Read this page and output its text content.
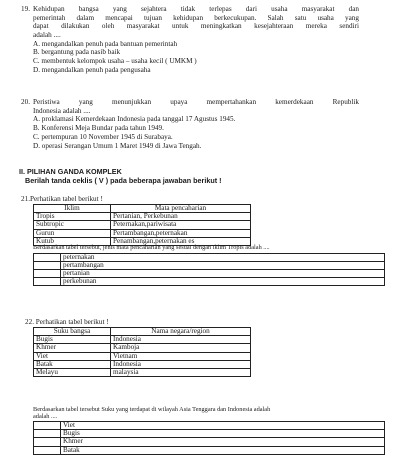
19. Kehidupan bangsa yang sejahtera tidak terlepas dari usaha masyarakat dan
pemerintah dalam mencapai tujuan kehidupan berkecukupan. Salah satu usaha yang
dapat dilakukan oleh masyarakat untuk meningkatkan kesejahteraan mereka sendiri
adalah ....
A. mengandalkan penuh pada bantuan pemerintah
B. bergantung pada nasib baik
C. membentuk kelompok usaha – usaha kecil ( UMKM )
D. mengandalkan penuh pada pengusaha
20. Peristiwa yang menunjukkan upaya mempertahankan kemerdekaan Republik
Indonesia adalah ....
A. proklamasi Kemerdekaan Indonesia pada tanggal 17 Agustus 1945.
B. Konferensi Meja Bundar pada tahun 1949.
C. pertempuran 10 November 1945 di Surabaya.
D. operasi Serangan Umum 1 Maret 1949 di Jawa Tengah.
II. PILIHAN GANDA KOMPLEK
Berilah tanda ceklis ( V ) pada beberapa jawaban berikut !
21.Perhatikan tabel berikut !
Iklim	Mata pencaharian
Tropis	Pertanian, Perkebunan
Subtropic	Peternakan,pariwisata
Gurun	Pertambangan,peternakan
Kutub	Penambangan,peternakan es
Berdasarkan tabel tersebut, jenis mata pencaharian yang sesuai dengan iklim Tropis adalah ....
	peternakan
	pertambangan
	pertanian
	perkebunan
22. Perhatikan tabel berikut !
Suku bangsa	Nama negara/region
Bugis	Indonesia
Khmer	Kamboja
Viet	Vietnam
Batak	Indonesia
Melayu	malaysia
Berdasarkan tabel tersebut Suku yang terdapat di wilayah Asia Tenggara dan Indonesia adalah
adalah ....
	Viet
	Bugis
	Khmer
	Batak
